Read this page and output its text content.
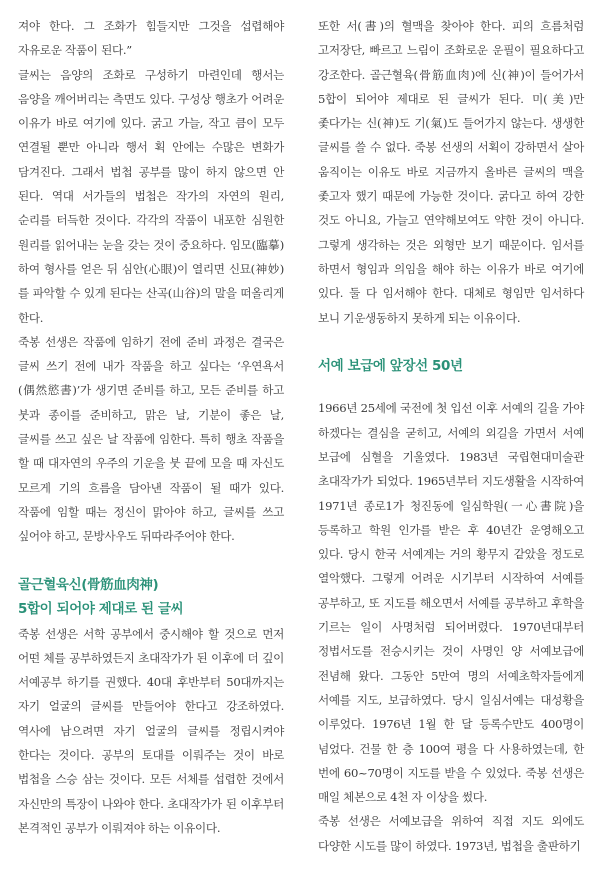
져야 한다. 그 조화가 힘들지만 그것을 섭렵해야 자유로운 작품이 된다.”

글씨는 음양의 조화로 구성하기 마련인데 행서는 음양을 깨어버리는 측면도 있다. 구성상 행초가 어려운 이유가 바로 여기에 있다. 굵고 가늘, 작고 큼이 모두 연결될 뿐만 아니라 행서 획 안에는 수많은 변화가 담겨진다. 그래서 법첩 공부를 많이 하지 않으면 안 된다. 역대 서가들의 법첩은 작가의 자연의 원리, 순리를 터득한 것이다. 각각의 작품이 내포한 심원한 원리를 읽어내는 눈을 갖는 것이 중요하다. 임모(臨摹)하여 형사를 얻은 뒤 심안(心眼)이 열리면 신묘(神妙)를 파악할 수 있게 된다는 산곡(山谷)의 말을 떠올리게 한다.

죽봉 선생은 작품에 임하기 전에 준비 과정은 결국은 글씨 쓰기 전에 내가 작품을 하고 싶다는 ‘우연욕서(偶然慾書)’가 생기면 준비를 하고, 모든 준비를 하고 붓과 종이를 준비하고, 맑은 날, 기분이 좋은 날, 글씨를 쓰고 싶은 날 작품에 임한다. 특히 행초 작품을 할 때 대자연의 우주의 기운을 붓 끝에 모을 때 자신도 모르게 기의 흐름을 담아낸 작품이 될 때가 있다. 작품에 임할 때는 정신이 맑아야 하고, 글씨를 쓰고 싶어야 하고, 문방사우도 뒤따라주어야 한다.

골근혈육신(骨筋血肉神)
5합이 되어야 제대로 된 글씨

죽봉 선생은 서학 공부에서 중시해야 할 것으로 먼저 어떤 체를 공부하였든지 초대작가가 된 이후에 더 깊이 서예공부 하기를 권했다. 40대 후반부터 50대까지는 자기 얼굴의 글씨를 만들어야 한다고 강조하였다. 역사에 남으려면 자기 얼굴의 글씨를 정립시켜야 한다는 것이다. 공부의 토대를 이뤄주는 것이 바로 법첩을 스승 삼는 것이다. 모든 서체를 섭렵한 것에서 자신만의 특장이 나와야 한다. 초대작가가 된 이후부터 본격적인 공부가 이뤄져야 하는 이유이다.

또한 서(書)의 혈맥을 찾아야 한다. 피의 흐름처럼 고저장단, 빠르고 느림이 조화로운 운필이 필요하다고 강조한다. 골근혈육(骨筋血肉)에 신(神)이 들어가서 5합이 되어야 제대로 된 글씨가 된다. 미(美)만 좇다가는 신(神)도 기(氣)도 들어가지 않는다. 생생한 글씨를 쓸 수 없다. 죽봉 선생의 서획이 강하면서 살아 움직이는 이유도 바로 지금까지 올바른 글씨의 맥을 좇고자 했기 때문에 가능한 것이다. 굵다고 하여 강한 것도 아니요, 가늘고 연약해보여도 약한 것이 아니다. 그렇게 생각하는 것은 외형만 보기 때문이다. 임서를 하면서 형임과 의임을 해야 하는 이유가 바로 여기에 있다. 둘 다 임서해야 한다. 대체로 형임만 임서하다 보니 기운생동하지 못하게 되는 이유이다.

서예 보급에 앞장선 50년

1966년 25세에 국전에 첫 입선 이후 서예의 길을 가야 하겠다는 결심을 굳히고, 서예의 외길을 가면서 서예 보급에 심혈을 기울였다. 1983년 국립현대미술관 초대작가가 되었다. 1965년부터 지도생활을 시작하여 1971년 종로1가 청진동에 일심학원(一心書院)을 등록하고 학원 인가를 받은 후 40년간 운영해오고 있다. 당시 한국 서예계는 거의 황무지 같았을 정도로 열악했다. 그렇게 어려운 시기부터 시작하여 서예를 공부하고, 또 지도를 해오면서 서예를 공부하고 후학을 기르는 일이 사명처럼 되어버렸다. 1970년대부터 정법서도를 전승시키는 것이 사명인 양 서예보급에 전념해 왔다. 그동안 5만여 명의 서예초학자들에게 서예를 지도, 보급하였다. 당시 일심서예는 대성황을 이루었다. 1976년 1월 한 달 등록수만도 400명이 넘었다. 건물 한 층 100여 평을 다 사용하였는데, 한 번에 60~70명이 지도를 받을 수 있었다. 죽봉 선생은 매일 체본으로 4천 자 이상을 썼다.

죽봉 선생은 서예보급을 위하여 직접 지도 외에도 다양한 시도를 많이 하였다. 1973년, 법첩을 출판하기
